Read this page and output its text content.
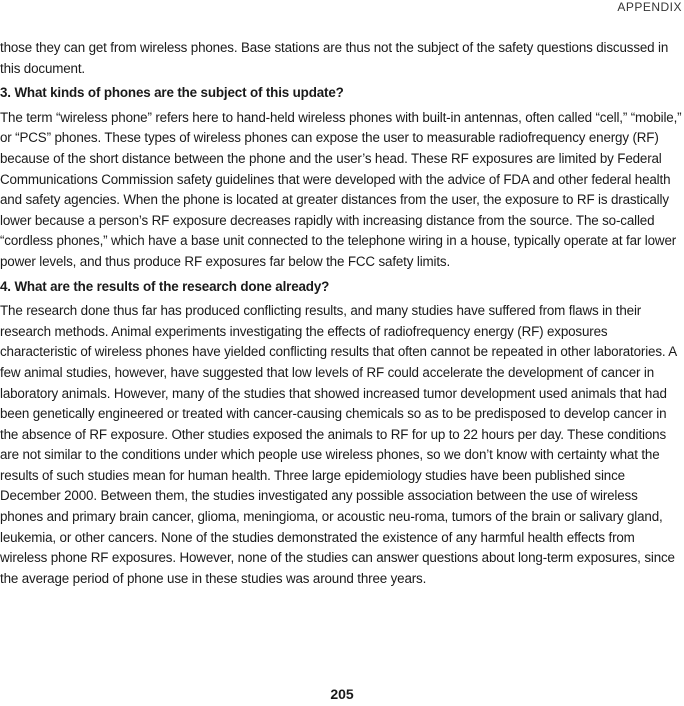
APPENDIX

those they can get from wireless phones. Base stations are thus not the subject of the safety questions discussed in this document.

3. What kinds of phones are the subject of this update?

The term “wireless phone” refers here to hand-held wireless phones with built-in antennas, often called “cell,” “mobile,” or “PCS” phones. These types of wireless phones can expose the user to measurable radiofrequency energy (RF) because of the short distance between the phone and the user’s head. These RF exposures are limited by Federal Communications Commission safety guidelines that were developed with the advice of FDA and other federal health and safety agencies. When the phone is located at greater distances from the user, the exposure to RF is drastically lower because a person’s RF exposure decreases rapidly with increasing distance from the source. The so-called “cordless phones,” which have a base unit connected to the telephone wiring in a house, typically operate at far lower power levels, and thus produce RF exposures far below the FCC safety limits.

4. What are the results of the research done already?

The research done thus far has produced conflicting results, and many studies have suffered from flaws in their research methods. Animal experiments investigating the effects of radiofrequency energy (RF) exposures characteristic of wireless phones have yielded conflicting results that often cannot be repeated in other laboratories. A few animal studies, however, have suggested that low levels of RF could accelerate the development of cancer in laboratory animals. However, many of the studies that showed increased tumor development used animals that had been genetically engineered or treated with cancer-causing chemicals so as to be predisposed to develop cancer in the absence of RF exposure. Other studies exposed the animals to RF for up to 22 hours per day. These conditions are not similar to the conditions under which people use wireless phones, so we don’t know with certainty what the results of such studies mean for human health. Three large epidemiology studies have been published since December 2000. Between them, the studies investigated any possible association between the use of wireless phones and primary brain cancer, glioma, meningioma, or acoustic neu-roma, tumors of the brain or salivary gland, leukemia, or other cancers. None of the studies demonstrated the existence of any harmful health effects from wireless phone RF exposures. However, none of the studies can answer questions about long-term exposures, since the average period of phone use in these studies was around three years.

205
